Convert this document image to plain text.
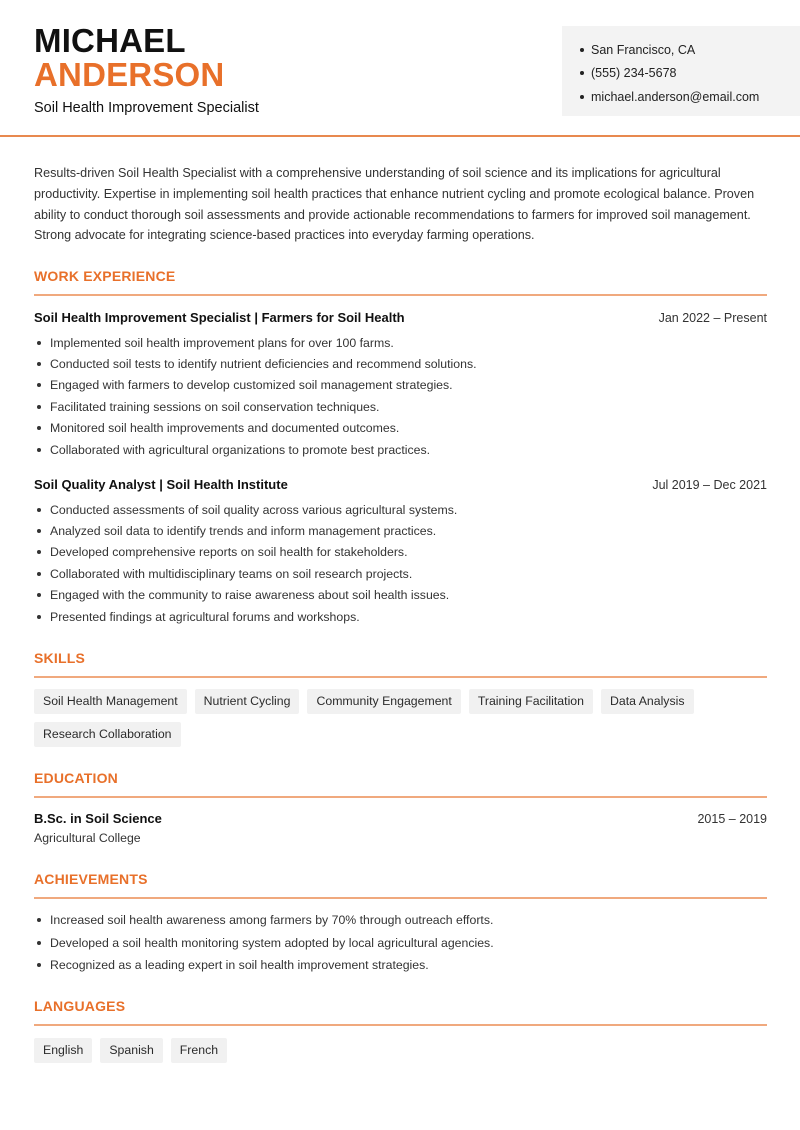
MICHAEL
ANDERSON
Soil Health Improvement Specialist
San Francisco, CA
(555) 234-5678
michael.anderson@email.com

Results-driven Soil Health Specialist with a comprehensive understanding of soil science and its implications for agricultural productivity. Expertise in implementing soil health practices that enhance nutrient cycling and promote ecological balance. Proven ability to conduct thorough soil assessments and provide actionable recommendations to farmers for improved soil management. Strong advocate for integrating science-based practices into everyday farming operations.

WORK EXPERIENCE
Soil Health Improvement Specialist | Farmers for Soil Health	Jan 2022 – Present
Implemented soil health improvement plans for over 100 farms.
Conducted soil tests to identify nutrient deficiencies and recommend solutions.
Engaged with farmers to develop customized soil management strategies.
Facilitated training sessions on soil conservation techniques.
Monitored soil health improvements and documented outcomes.
Collaborated with agricultural organizations to promote best practices.
Soil Quality Analyst | Soil Health Institute	Jul 2019 – Dec 2021
Conducted assessments of soil quality across various agricultural systems.
Analyzed soil data to identify trends and inform management practices.
Developed comprehensive reports on soil health for stakeholders.
Collaborated with multidisciplinary teams on soil research projects.
Engaged with the community to raise awareness about soil health issues.
Presented findings at agricultural forums and workshops.
SKILLS
Soil Health Management	Nutrient Cycling	Community Engagement	Training Facilitation	Data Analysis
Research Collaboration
EDUCATION
B.Sc. in Soil Science	2015 – 2019
Agricultural College
ACHIEVEMENTS
Increased soil health awareness among farmers by 70% through outreach efforts.
Developed a soil health monitoring system adopted by local agricultural agencies.
Recognized as a leading expert in soil health improvement strategies.
LANGUAGES
English	Spanish	French
